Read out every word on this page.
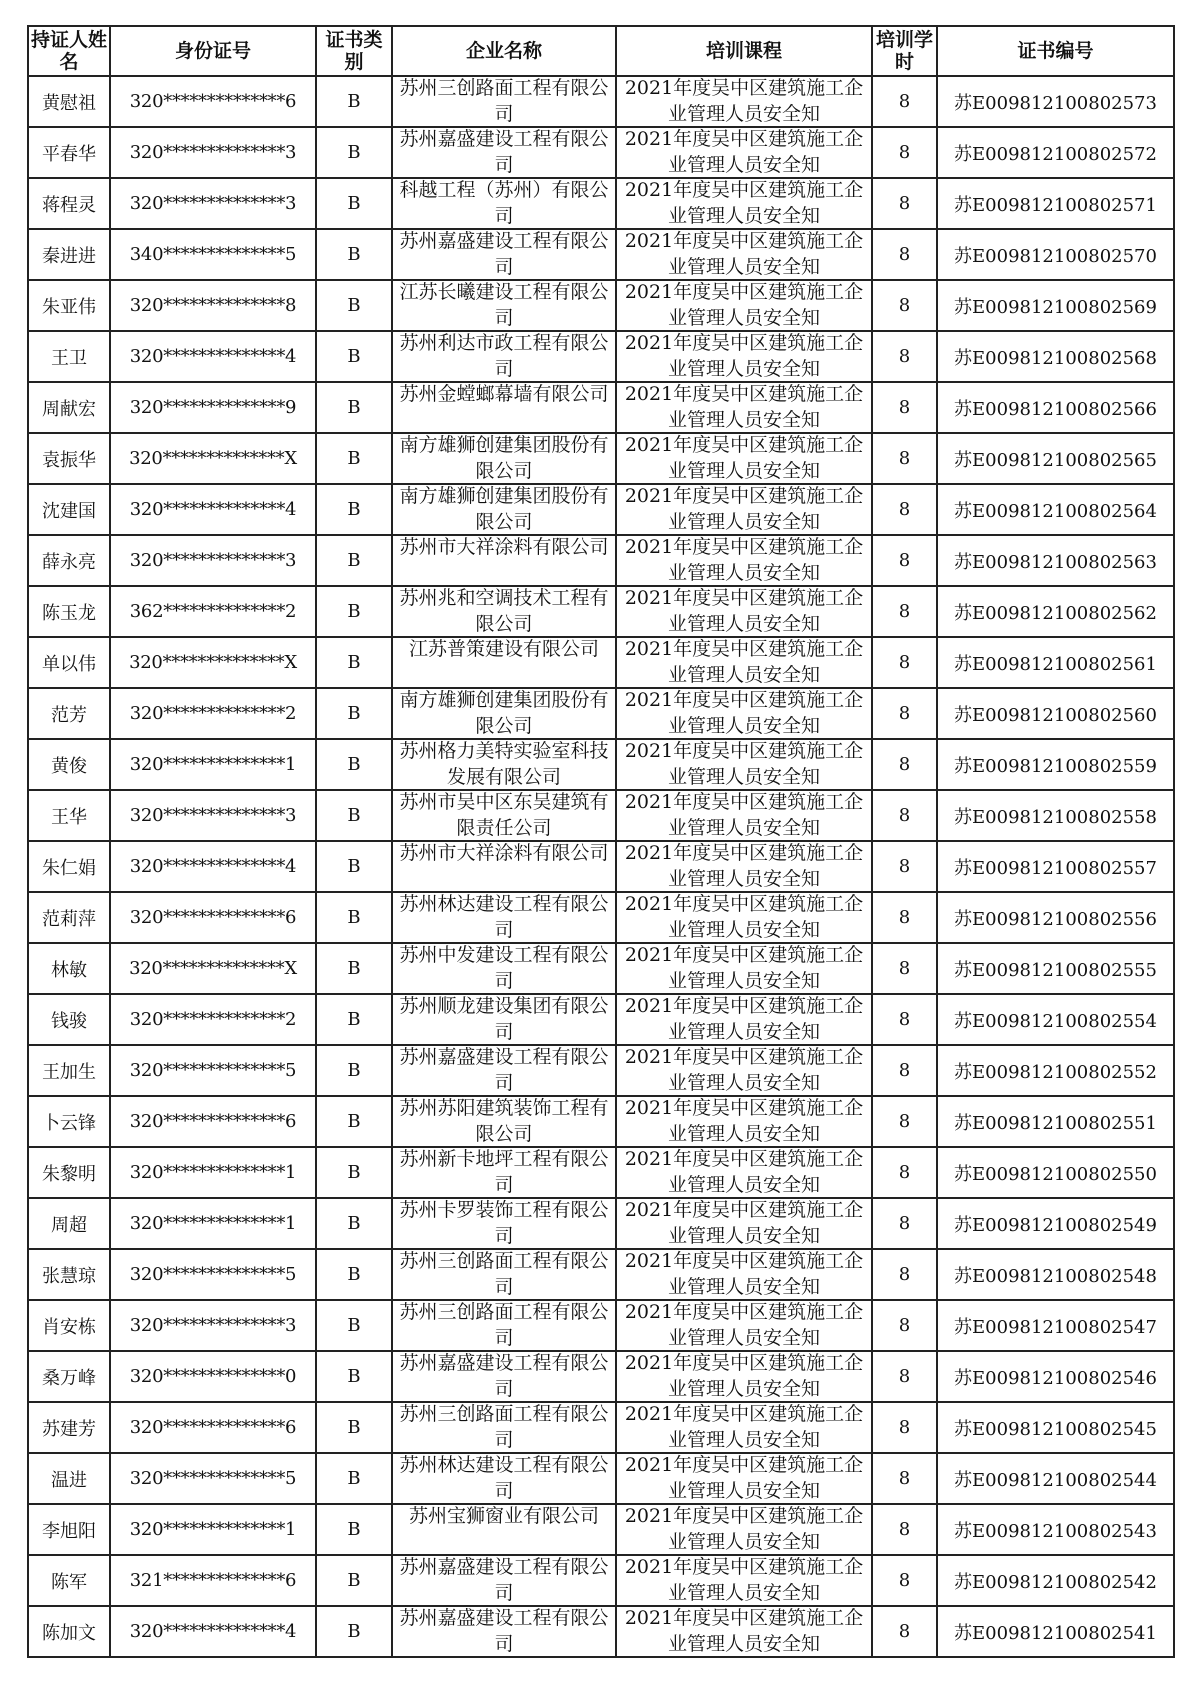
持证人姓名	身份证号	证书类别	企业名称	培训课程	培训学时	证书编号
黄慰祖	320**************6	B	苏州三创路面工程有限公司	2021年度吴中区建筑施工企业管理人员安全知	8	苏E009812100802573
平春华	320**************3	B	苏州嘉盛建设工程有限公司	2021年度吴中区建筑施工企业管理人员安全知	8	苏E009812100802572
蒋程灵	320**************3	B	科越工程（苏州）有限公司	2021年度吴中区建筑施工企业管理人员安全知	8	苏E009812100802571
秦进进	340**************5	B	苏州嘉盛建设工程有限公司	2021年度吴中区建筑施工企业管理人员安全知	8	苏E009812100802570
朱亚伟	320**************8	B	江苏长曦建设工程有限公司	2021年度吴中区建筑施工企业管理人员安全知	8	苏E009812100802569
王卫	320**************4	B	苏州利达市政工程有限公司	2021年度吴中区建筑施工企业管理人员安全知	8	苏E009812100802568
周献宏	320**************9	B	苏州金螳螂幕墙有限公司	2021年度吴中区建筑施工企业管理人员安全知	8	苏E009812100802566
袁振华	320**************X	B	南方雄狮创建集团股份有限公司	2021年度吴中区建筑施工企业管理人员安全知	8	苏E009812100802565
沈建国	320**************4	B	南方雄狮创建集团股份有限公司	2021年度吴中区建筑施工企业管理人员安全知	8	苏E009812100802564
薛永亮	320**************3	B	苏州市大祥涂料有限公司	2021年度吴中区建筑施工企业管理人员安全知	8	苏E009812100802563
陈玉龙	362**************2	B	苏州兆和空调技术工程有限公司	2021年度吴中区建筑施工企业管理人员安全知	8	苏E009812100802562
单以伟	320**************X	B	江苏普策建设有限公司	2021年度吴中区建筑施工企业管理人员安全知	8	苏E009812100802561
范芳	320**************2	B	南方雄狮创建集团股份有限公司	2021年度吴中区建筑施工企业管理人员安全知	8	苏E009812100802560
黄俊	320**************1	B	苏州格力美特实验室科技发展有限公司	2021年度吴中区建筑施工企业管理人员安全知	8	苏E009812100802559
王华	320**************3	B	苏州市吴中区东吴建筑有限责任公司	2021年度吴中区建筑施工企业管理人员安全知	8	苏E009812100802558
朱仁娟	320**************4	B	苏州市大祥涂料有限公司	2021年度吴中区建筑施工企业管理人员安全知	8	苏E009812100802557
范莉萍	320**************6	B	苏州林达建设工程有限公司	2021年度吴中区建筑施工企业管理人员安全知	8	苏E009812100802556
林敏	320**************X	B	苏州中发建设工程有限公司	2021年度吴中区建筑施工企业管理人员安全知	8	苏E009812100802555
钱骏	320**************2	B	苏州顺龙建设集团有限公司	2021年度吴中区建筑施工企业管理人员安全知	8	苏E009812100802554
王加生	320**************5	B	苏州嘉盛建设工程有限公司	2021年度吴中区建筑施工企业管理人员安全知	8	苏E009812100802552
卜云锋	320**************6	B	苏州苏阳建筑装饰工程有限公司	2021年度吴中区建筑施工企业管理人员安全知	8	苏E009812100802551
朱黎明	320**************1	B	苏州新卡地坪工程有限公司	2021年度吴中区建筑施工企业管理人员安全知	8	苏E009812100802550
周超	320**************1	B	苏州卡罗装饰工程有限公司	2021年度吴中区建筑施工企业管理人员安全知	8	苏E009812100802549
张慧琼	320**************5	B	苏州三创路面工程有限公司	2021年度吴中区建筑施工企业管理人员安全知	8	苏E009812100802548
肖安栋	320**************3	B	苏州三创路面工程有限公司	2021年度吴中区建筑施工企业管理人员安全知	8	苏E009812100802547
桑万峰	320**************0	B	苏州嘉盛建设工程有限公司	2021年度吴中区建筑施工企业管理人员安全知	8	苏E009812100802546
苏建芳	320**************6	B	苏州三创路面工程有限公司	2021年度吴中区建筑施工企业管理人员安全知	8	苏E009812100802545
温进	320**************5	B	苏州林达建设工程有限公司	2021年度吴中区建筑施工企业管理人员安全知	8	苏E009812100802544
李旭阳	320**************1	B	苏州宝狮窗业有限公司	2021年度吴中区建筑施工企业管理人员安全知	8	苏E009812100802543
陈军	321**************6	B	苏州嘉盛建设工程有限公司	2021年度吴中区建筑施工企业管理人员安全知	8	苏E009812100802542
陈加文	320**************4	B	苏州嘉盛建设工程有限公司	2021年度吴中区建筑施工企业管理人员安全知	8	苏E009812100802541
